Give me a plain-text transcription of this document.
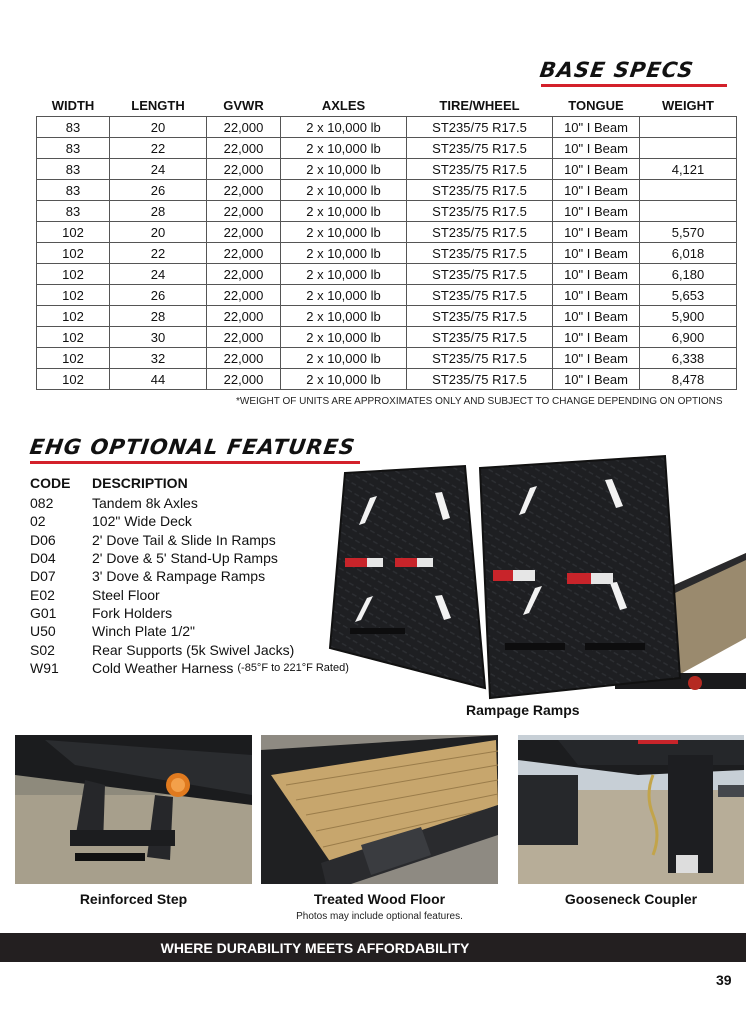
BASE SPECS
WIDTH	LENGTH	GVWR	AXLES	TIRE/WHEEL	TONGUE	WEIGHT
83	20	22,000	2 x 10,000 lb	ST235/75 R17.5	10" I Beam	
83	22	22,000	2 x 10,000 lb	ST235/75 R17.5	10" I Beam	
83	24	22,000	2 x 10,000 lb	ST235/75 R17.5	10" I Beam	4,121
83	26	22,000	2 x 10,000 lb	ST235/75 R17.5	10" I Beam	
83	28	22,000	2 x 10,000 lb	ST235/75 R17.5	10" I Beam	
102	20	22,000	2 x 10,000 lb	ST235/75 R17.5	10" I Beam	5,570
102	22	22,000	2 x 10,000 lb	ST235/75 R17.5	10" I Beam	6,018
102	24	22,000	2 x 10,000 lb	ST235/75 R17.5	10" I Beam	6,180
102	26	22,000	2 x 10,000 lb	ST235/75 R17.5	10" I Beam	5,653
102	28	22,000	2 x 10,000 lb	ST235/75 R17.5	10" I Beam	5,900
102	30	22,000	2 x 10,000 lb	ST235/75 R17.5	10" I Beam	6,900
102	32	22,000	2 x 10,000 lb	ST235/75 R17.5	10" I Beam	6,338
102	44	22,000	2 x 10,000 lb	ST235/75 R17.5	10" I Beam	8,478
*WEIGHT OF UNITS ARE APPROXIMATES ONLY AND SUBJECT TO CHANGE DEPENDING ON OPTIONS
EHG OPTIONAL FEATURES
CODE	DESCRIPTION
082	Tandem 8k Axles
02	102" Wide Deck
D06	2' Dove Tail & Slide In Ramps
D04	2' Dove & 5' Stand-Up Ramps
D07	3' Dove & Rampage Ramps
E02	Steel Floor
G01	Fork Holders
U50	Winch Plate 1/2"
S02	Rear Supports (5k Swivel Jacks)
W91	Cold Weather Harness (-85°F to 221°F Rated)
Rampage Ramps
Reinforced Step	Treated Wood Floor	Gooseneck Coupler
Photos may include optional features.
WHERE DURABILITY MEETS AFFORDABILITY
39
